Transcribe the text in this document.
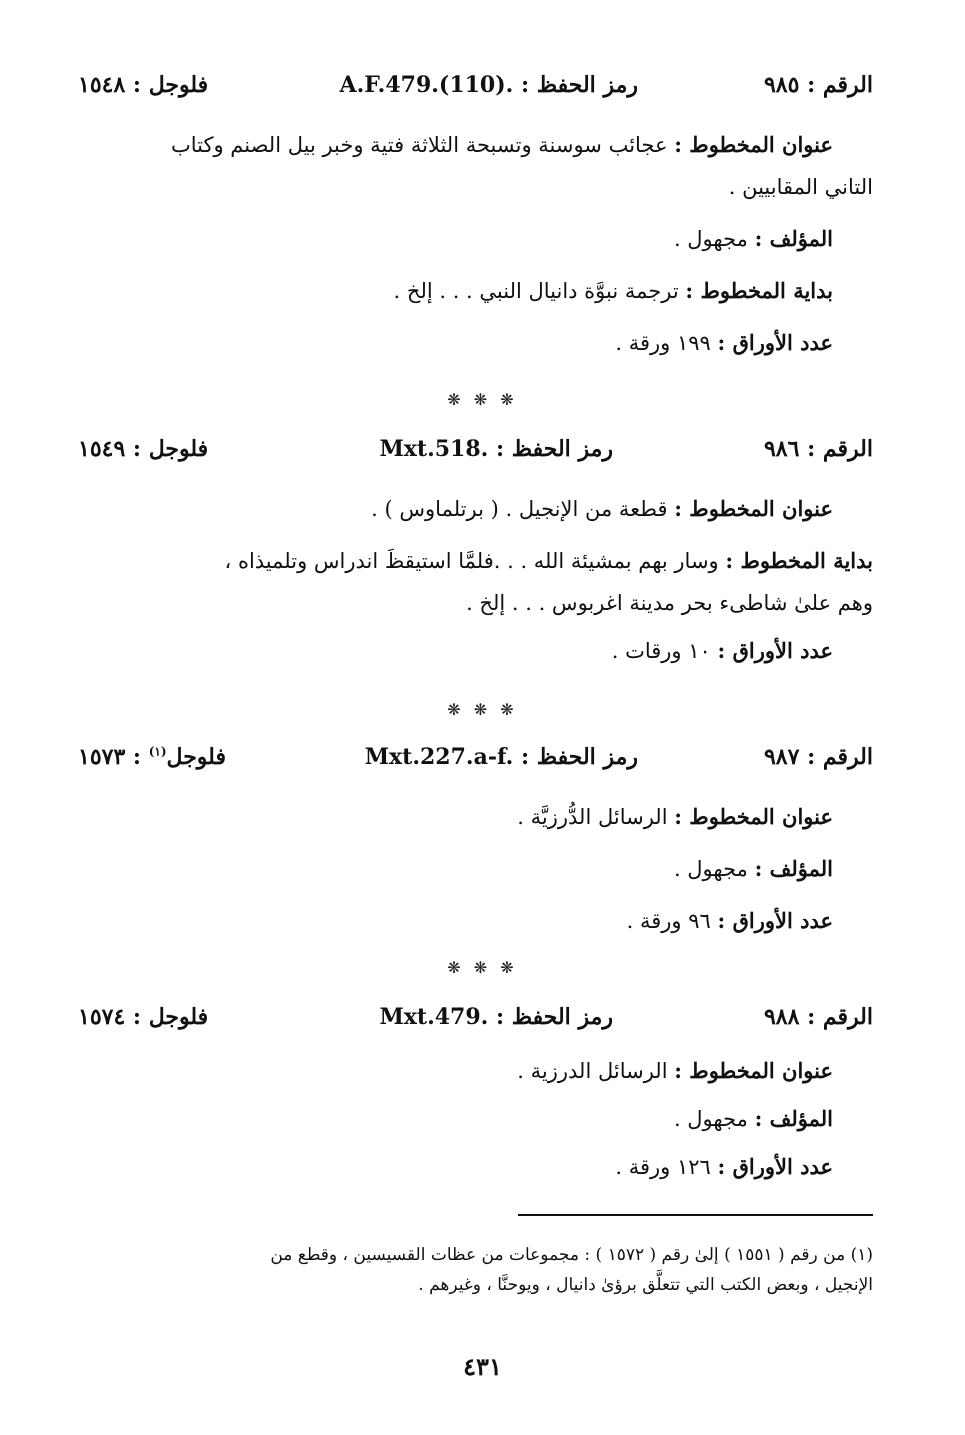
الرقم : ٩٨٥
رمز الحفظ : A.F.479.(110).
فلوجل : ١٥٤٨
عنوان المخطوط : عجائب سوسنة وتسبحة الثلاثة فتية وخبر بيل الصنم وكتاب
التاني المقابيين .
المؤلف : مجهول .
بداية المخطوط : ترجمة نبوَّة دانيال النبي . . . إلخ .
عدد الأوراق : ١٩٩ ورقة .
❋ ❋ ❋
الرقم : ٩٨٦
رمز الحفظ : Mxt.518.
فلوجل : ١٥٤٩
عنوان المخطوط : قطعة من الإنجيل . ( برتلماوس ) .
بداية المخطوط : وسار بهم بمشيئة الله . . .فلمَّا استيقظَ اندراس وتلميذاه ،
وهم علىٰ شاطىء بحر مدينة اغربوس . . . إلخ .
عدد الأوراق : ١٠ ورقات .
❋ ❋ ❋
الرقم : ٩٨٧
رمز الحفظ : Mxt.227.a-f.
فلوجل$^{(١)}$ : ١٥٧٣
عنوان المخطوط : الرسائل الدُّرزيَّة .
المؤلف : مجهول .
عدد الأوراق : ٩٦ ورقة .
❋ ❋ ❋
الرقم : ٩٨٨
رمز الحفظ : Mxt.479.
فلوجل : ١٥٧٤
عنوان المخطوط : الرسائل الدرزية .
المؤلف : مجهول .
عدد الأوراق : ١٢٦ ورقة .
(١) من رقم ( ١٥٥١ ) إلىٰ رقم ( ١٥٧٢ ) : مجموعات من عظات القسيسين ، وقطع من
الإنجيل ، وبعض الكتب التي تتعلَّق برؤىٰ دانيال ، ويوحنَّا ، وغيرهم .
٤٣١
